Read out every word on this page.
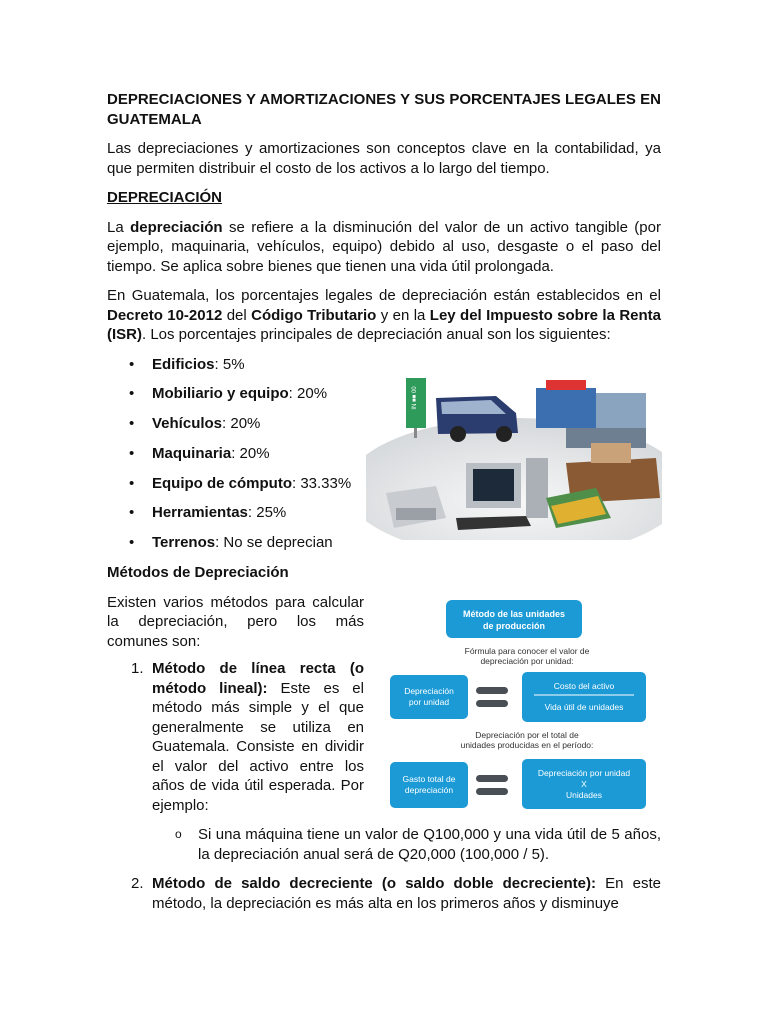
DEPRECIACIONES Y AMORTIZACIONES Y SUS PORCENTAJES LEGALES EN GUATEMALA

Las depreciaciones y amortizaciones son conceptos clave en la contabilidad, ya que permiten distribuir el costo de los activos a lo largo del tiempo.

DEPRECIACIÓN

La depreciación se refiere a la disminución del valor de un activo tangible (por ejemplo, maquinaria, vehículos, equipo) debido al uso, desgaste o el paso del tiempo. Se aplica sobre bienes que tienen una vida útil prolongada.

En Guatemala, los porcentajes legales de depreciación están establecidos en el Decreto 10-2012 del Código Tributario y en la Ley del Impuesto sobre la Renta (ISR). Los porcentajes principales de depreciación anual son los siguientes:

• Edificios: 5%
• Mobiliario y equipo: 20%
• Vehículos: 20%
• Maquinaria: 20%
• Equipo de cómputo: 33.33%
• Herramientas: 25%
• Terrenos: No se deprecian

Métodos de Depreciación

Existen varios métodos para calcular la depreciación, pero los más comunes son:

1. Método de línea recta (o método lineal): Este es el método más simple y el que generalmente se utiliza en Guatemala. Consiste en dividir el valor del activo entre los años de vida útil esperada. Por ejemplo:
o Si una máquina tiene un valor de Q100,000 y una vida útil de 5 años, la depreciación anual será de Q20,000 (100,000 / 5).

2. Método de saldo decreciente (o saldo doble decreciente): En este método, la depreciación es más alta en los primeros años y disminuye
IN ■■ 00
Método de las unidades
de producción
Fórmula para conocer el valor de
depreciación por unidad:
Depreciación
por unidad
Costo del activo
Vida útil de unidades
Depreciación por el total de
unidades producidas en el período:
Gasto total de
depreciación
Depreciación por unidad
X
Unidades
